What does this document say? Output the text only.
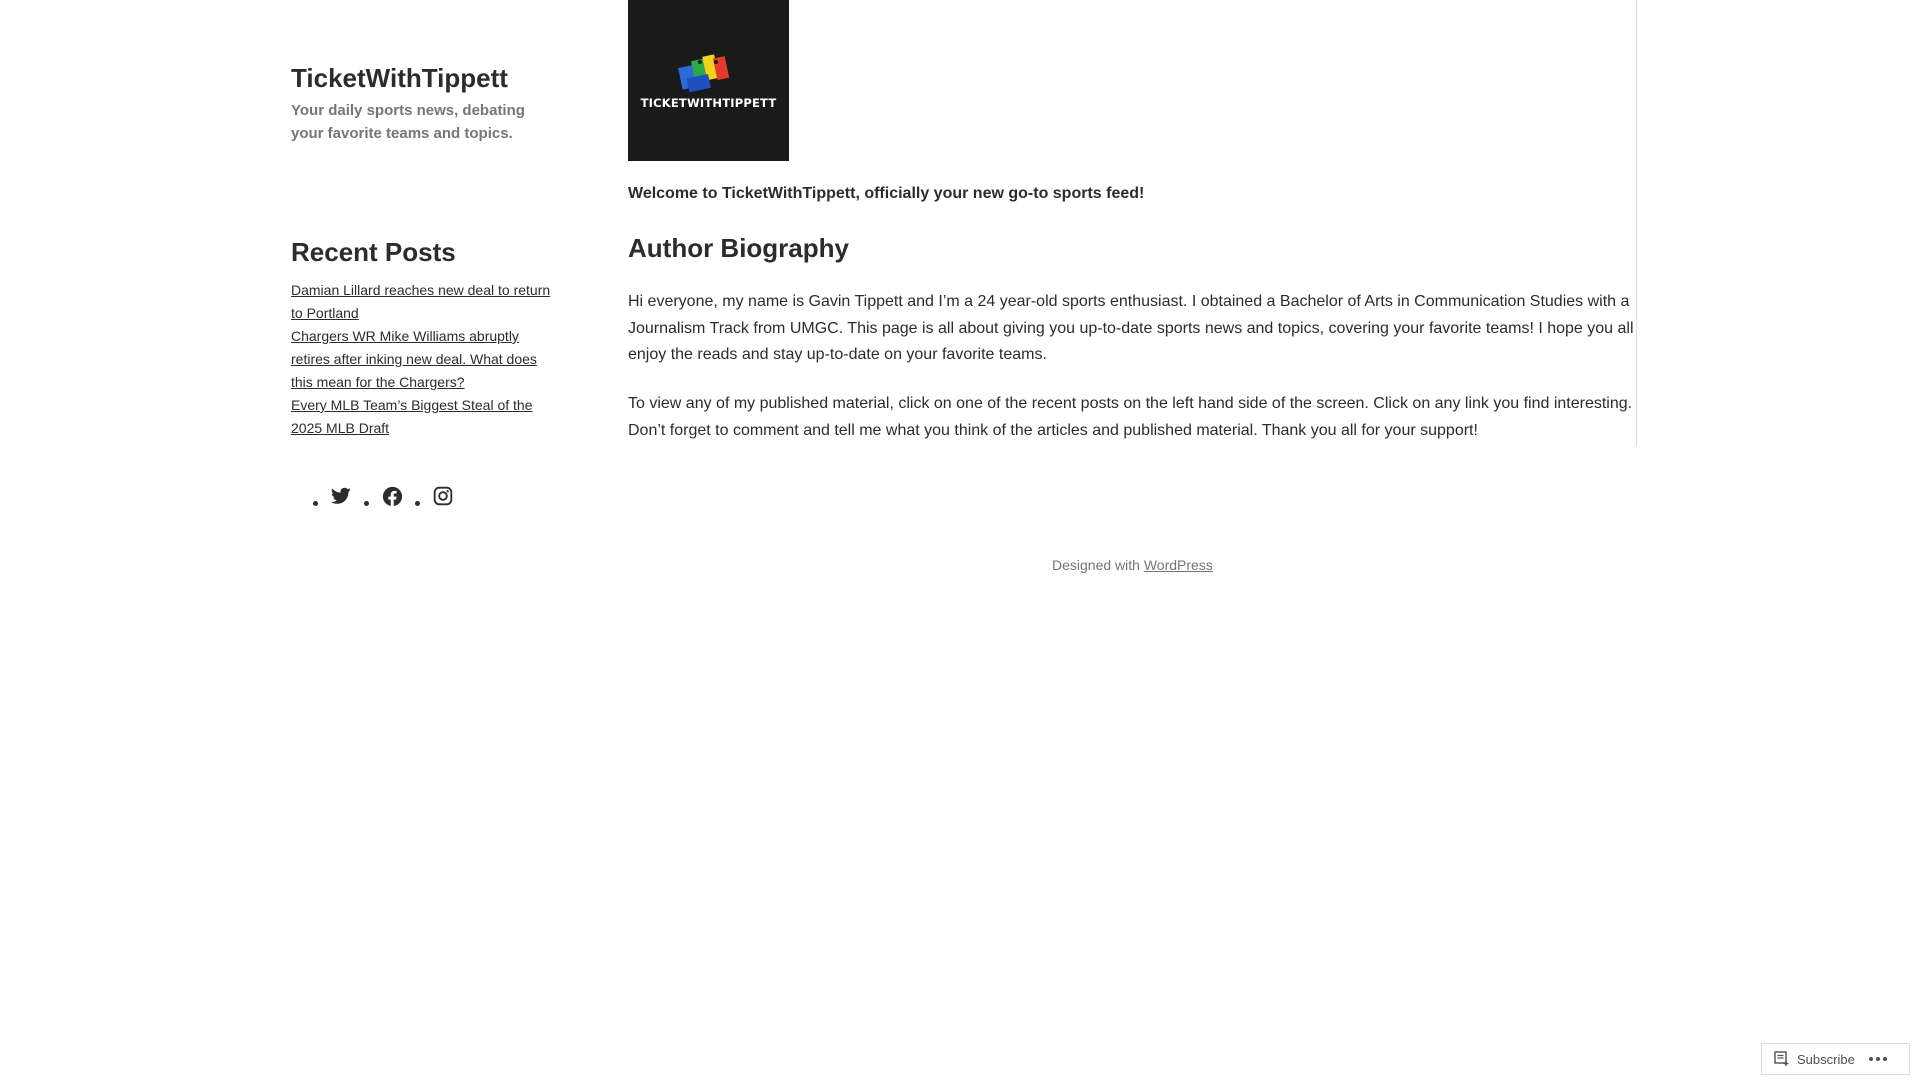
TicketWithTippett

Your daily sports news, debating your favorite teams and topics.

Recent Posts
Damian Lillard reaches new deal to return to Portland
Chargers WR Mike Williams abruptly retires after inking new deal. What does this mean for the Chargers?
Every MLB Team’s Biggest Steal of the 2025 MLB Draft
TICKETWITHTIPPETT

Welcome to TicketWithTippett, officially your new go-to sports feed!

Author Biography

Hi everyone, my name is Gavin Tippett and I’m a 24 year-old sports enthusiast. I obtained a Bachelor of Arts in Communication Studies with a Journalism Track from UMGC. This page is all about giving you up-to-date sports news and topics, covering your favorite teams! I hope you all enjoy the reads and stay up-to-date on your favorite teams.

To view any of my published material, click on one of the recent posts on the left hand side of the screen. Click on any link you find interesting. Don’t forget to comment and tell me what you think of the articles and published material. Thank you all for your support!

Designed with WordPress
Subscribe
